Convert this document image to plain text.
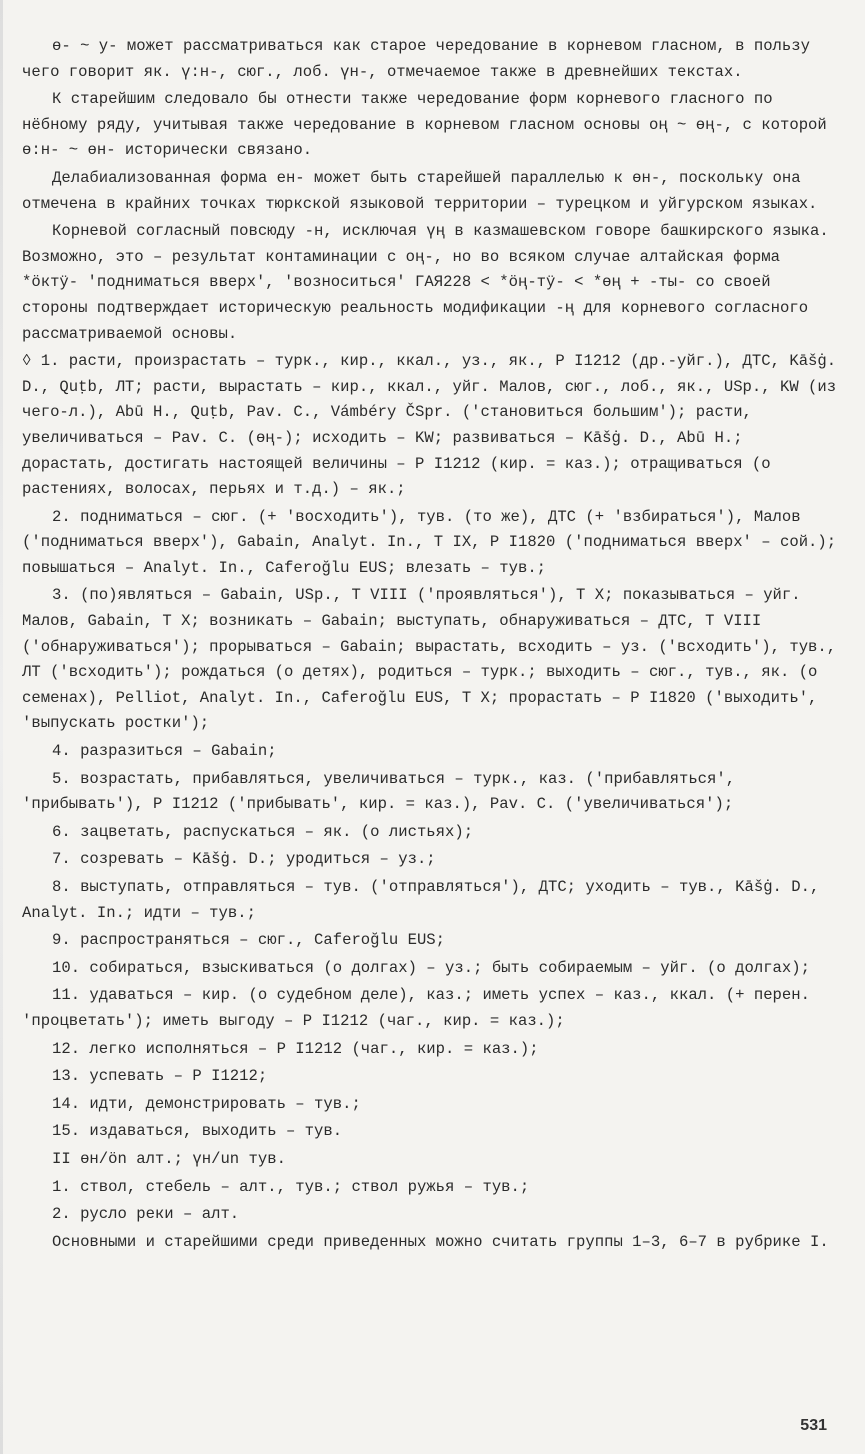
ө- ~ у- может рассматриваться как старое чередование в корневом гласном, в пользу чего говорит як. ү:н-, сюг., лоб. үн-, отмечаемое также в древнейших текстах.

К старейшим следовало бы отнести также чередование форм корневого гласного по нёбному ряду, учитывая также чередование в корневом гласном основы оң ~ өң-, с которой ө:н- ~ өн- исторически связано.

Делабиализованная форма ен- может быть старейшей параллелью к өн-, поскольку она отмечена в крайних точках тюркской языковой территории – турецком и уйгурском языках.

Корневой согласный повсюду -н, исключая үң в казмашевском говоре башкирского языка. Возможно, это – результат контаминации с оң-, но во всяком случае алтайская форма *ӧктӱ- 'подниматься вверх', 'возноситься' ГАЯ228 < *ӧң-тӱ- < *өң + -ты- со своей стороны подтверждает историческую реальность модификации -ң для корневого согласного рассматриваемой основы.

◊ 1. расти, произрастать – турк., кир., ккал., уз., як., Р I1212 (др.-уйг.), ДТС, Kāšġ. D., Quṭb, ЛТ; расти, вырастать – кир., ккал., уйг. Малов, сюг., лоб., як., USp., KW (из чего-л.), Abū H., Quṭb, Pav. C., Vámbéry ČSpr. ('становиться большим'); расти, увеличиваться – Pav. C. (өң-); исходить – KW; развиваться – Kāšġ. D., Abū H.; дорастать, достигать настоящей величины – Р I1212 (кир. = каз.); отращиваться (о растениях, волосах, перьях и т.д.) – як.;

2. подниматься – сюг. (+ 'восходить'), тув. (то же), ДТС (+ 'взбираться'), Малов ('подниматься вверх'), Gabain, Analyt. In., Т IX, Р I1820 ('подниматься вверх' – сой.); повышаться – Analyt. In., Caferoğlu EUS; влезать – тув.;

3. (по)являться – Gabain, USp., Т VIII ('проявляться'), Т X; показываться – уйг. Малов, Gabain, Т X; возникать – Gabain; выступать, обнаруживаться – ДТС, Т VIII ('обнаруживаться'); прорываться – Gabain; вырастать, всходить – уз. ('всходить'), тув., ЛТ ('всходить'); рождаться (о детях), родиться – турк.; выходить – сюг., тув., як. (о семенах), Pelliot, Analyt. In., Caferoğlu EUS, Т X; прорастать – Р I1820 ('выходить', 'выпускать ростки');

4. разразиться – Gabain;

5. возрастать, прибавляться, увеличиваться – турк., каз. ('прибавляться', 'прибывать'), Р I1212 ('прибывать', кир. = каз.), Pav. C. ('увеличиваться');

6. зацветать, распускаться – як. (о листьях);

7. созревать – Kāšġ. D.; уродиться – уз.;

8. выступать, отправляться – тув. ('отправляться'), ДТС; уходить – тув., Kāšġ. D., Analyt. In.; идти – тув.;

9. распространяться – сюг., Caferoğlu EUS;

10. собираться, взыскиваться (о долгах) – уз.; быть собираемым – уйг. (о долгах);

11. удаваться – кир. (о судебном деле), каз.; иметь успех – каз., ккал. (+ перен. 'процветать'); иметь выгоду – Р I1212 (чаг., кир. = каз.);

12. легко исполняться – Р I1212 (чаг., кир. = каз.);

13. успевать – Р I1212;

14. идти, демонстрировать – тув.;

15. издаваться, выходить – тув.

II өн/ön алт.; үн/un тув.

1. ствол, стебель – алт., тув.; ствол ружья – тув.;

2. русло реки – алт.

Основными и старейшими среди приведенных можно считать группы 1–3, 6–7 в рубрике I.

531
